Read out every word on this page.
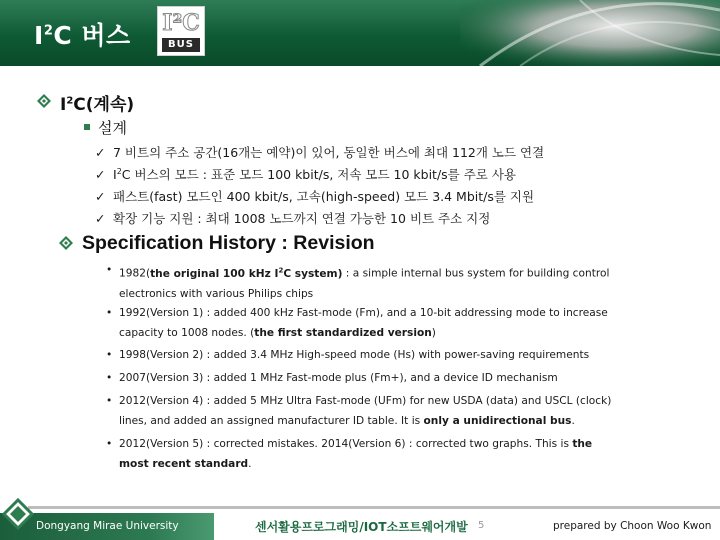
$I^2C$ 버스 I²C
BUS
$I^2C$(계속)
설계
✓ 7 비트의 주소 공간(16개는 예약)이 있어, 동일한 버스에 최대 112개 노드 연결
✓ $I^2C$ 버스의 모드 : 표준 모드 100 kbit/s, 저속 모드 10 kbit/s를 주로 사용
✓ 패스트(fast) 모드인 400 kbit/s, 고속(high-speed) 모드 3.4 Mbit/s를 지원
✓ 확장 기능 지원 : 최대 1008 노드까지 연결 가능한 10 비트 주소 지정
Specification History : Revision
• 1982(the original 100 kHz $I^2C$ system) : a simple internal bus system for building control electronics with various Philips chips
• 1992(Version 1) : added 400 kHz Fast-mode (Fm), and a 10-bit addressing mode to increase capacity to 1008 nodes. (the first standardized version)
• 1998(Version 2) : added 3.4 MHz High-speed mode (Hs) with power-saving requirements
• 2007(Version 3) : added 1 MHz Fast-mode plus (Fm+), and a device ID mechanism
• 2012(Version 4) : added 5 MHz Ultra Fast-mode (UFm) for new USDA (data) and USCL (clock) lines, and added an assigned manufacturer ID table. It is only a unidirectional bus.
• 2012(Version 5) : corrected mistakes. 2014(Version 6) : corrected two graphs. This is the most recent standard.
Dongyang Mirae University	센서활용프로그래밍/IOT소프트웨어개발 5	prepared by Choon Woo Kwon
